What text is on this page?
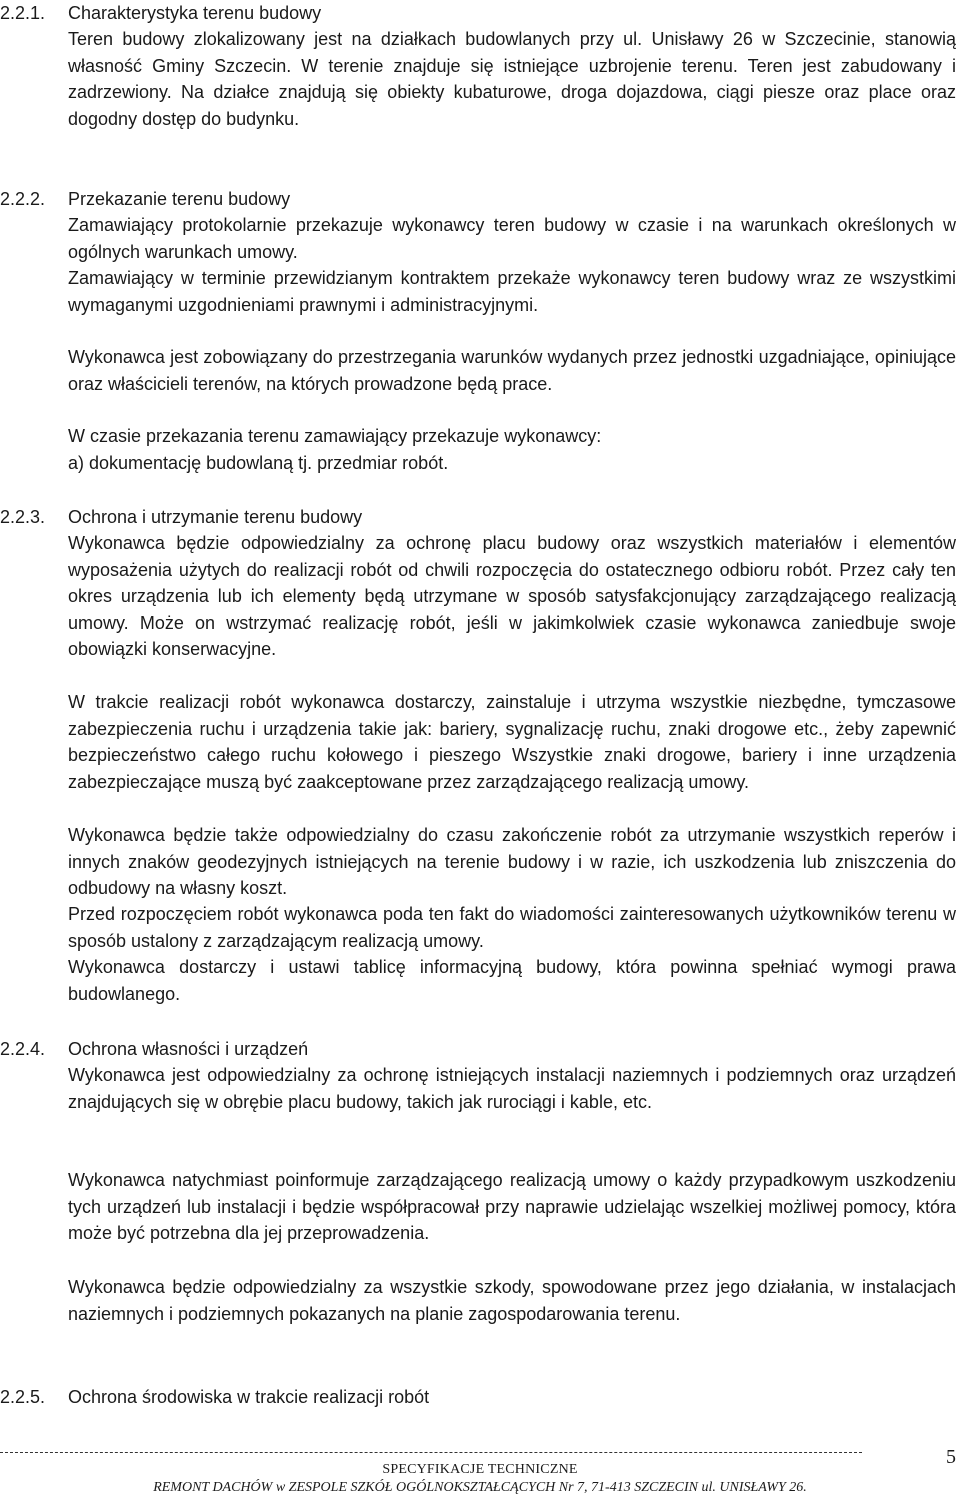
2.2.1. Charakterystyka terenu budowy
Teren budowy zlokalizowany jest na działkach budowlanych przy ul. Unisławy 26 w Szczecinie, stanowią własność Gminy Szczecin. W terenie znajduje się istniejące uzbrojenie terenu. Teren jest zabudowany i zadrzewiony. Na działce znajdują się obiekty kubaturowe, droga dojazdowa, ciągi piesze oraz place oraz dogodny dostęp do budynku.
2.2.2. Przekazanie terenu budowy
Zamawiający protokolarnie przekazuje wykonawcy teren budowy w czasie i na warunkach określonych w ogólnych warunkach umowy.
Zamawiający w terminie przewidzianym kontraktem przekaże wykonawcy teren budowy wraz ze wszystkimi wymaganymi uzgodnieniami prawnymi i administracyjnymi.
Wykonawca jest zobowiązany do przestrzegania warunków wydanych przez jednostki uzgadniające, opiniujące oraz właścicieli terenów, na których prowadzone będą prace.
W czasie przekazania terenu zamawiający przekazuje wykonawcy:
a) dokumentację budowlaną tj. przedmiar robót.
2.2.3. Ochrona i utrzymanie terenu budowy
Wykonawca będzie odpowiedzialny za ochronę placu budowy oraz wszystkich materiałów i elementów wyposażenia użytych do realizacji robót od chwili rozpoczęcia do ostatecznego odbioru robót. Przez cały ten okres urządzenia lub ich elementy będą utrzymane w sposób satysfakcjonujący zarządzającego realizacją umowy. Może on wstrzymać realizację robót, jeśli w jakimkolwiek czasie wykonawca zaniedbuje swoje obowiązki konserwacyjne.
W trakcie realizacji robót wykonawca dostarczy, zainstaluje i utrzyma wszystkie niezbędne, tymczasowe zabezpieczenia ruchu i urządzenia takie jak: bariery, sygnalizację ruchu, znaki drogowe etc., żeby zapewnić bezpieczeństwo całego ruchu kołowego i pieszego Wszystkie znaki drogowe, bariery i inne urządzenia zabezpieczające muszą być zaakceptowane przez zarządzającego realizacją umowy.
Wykonawca będzie także odpowiedzialny do czasu zakończenie robót za utrzymanie wszystkich reperów i innych znaków geodezyjnych istniejących na terenie budowy i w razie, ich uszkodzenia lub zniszczenia do odbudowy na własny koszt.
Przed rozpoczęciem robót wykonawca poda ten fakt do wiadomości zainteresowanych użytkowników terenu w sposób ustalony z zarządzającym realizacją umowy.
Wykonawca dostarczy i ustawi tablicę informacyjną budowy, która powinna spełniać wymogi prawa budowlanego.
2.2.4. Ochrona własności i urządzeń
Wykonawca jest odpowiedzialny za ochronę istniejących instalacji naziemnych i podziemnych oraz urządzeń znajdujących się w obrębie placu budowy, takich jak rurociągi i kable, etc.
Wykonawca natychmiast poinformuje zarządzającego realizacją umowy o każdy przypadkowym uszkodzeniu tych urządzeń lub instalacji i będzie współpracował przy naprawie udzielając wszelkiej możliwej pomocy, która może być potrzebna dla jej przeprowadzenia.
Wykonawca będzie odpowiedzialny za wszystkie szkody, spowodowane przez jego działania, w instalacjach naziemnych i podziemnych pokazanych na planie zagospodarowania terenu.
2.2.5. Ochrona środowiska w trakcie realizacji robót
SPECYFIKACJE TECHNICZNE
REMONT DACHÓW w ZESPOLE SZKÓŁ OGÓLNOKSZTAŁCĄCYCH Nr 7, 71-413 SZCZECIN ul. UNISŁAWY 26.
5
